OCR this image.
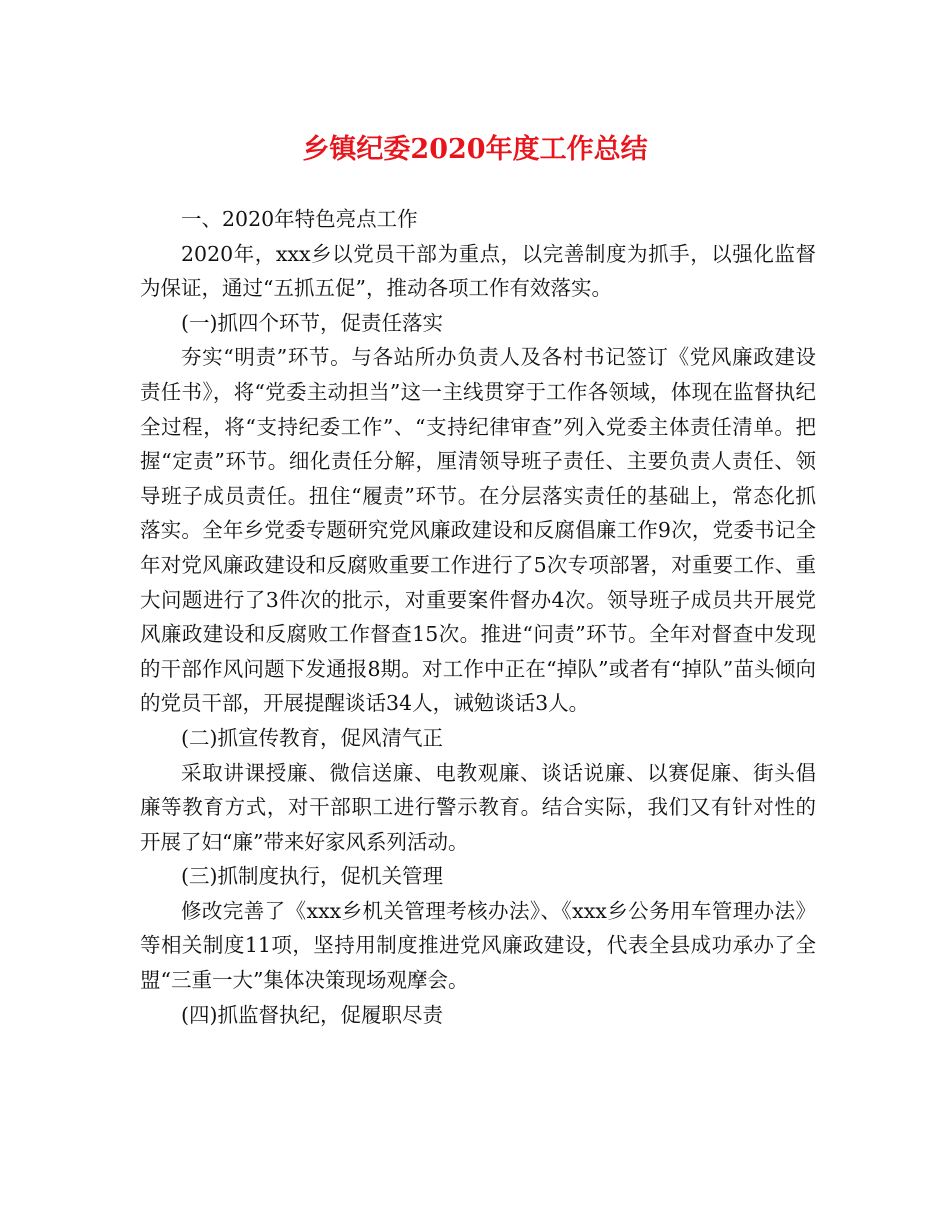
乡镇纪委2020年度工作总结

一、2020年特色亮点工作

2020年，xxx乡以党员干部为重点，以完善制度为抓手，以强化监督为保证，通过“五抓五促”，推动各项工作有效落实。

(一)抓四个环节，促责任落实

夯实“明责”环节。与各站所办负责人及各村书记签订《党风廉政建设责任书》，将“党委主动担当”这一主线贯穿于工作各领域，体现在监督执纪全过程，将“支持纪委工作”、“支持纪律审查”列入党委主体责任清单。把握“定责”环节。细化责任分解，厘清领导班子责任、主要负责人责任、领导班子成员责任。扭住“履责”环节。在分层落实责任的基础上，常态化抓落实。全年乡党委专题研究党风廉政建设和反腐倡廉工作9次，党委书记全年对党风廉政建设和反腐败重要工作进行了5次专项部署，对重要工作、重大问题进行了3件次的批示，对重要案件督办4次。领导班子成员共开展党风廉政建设和反腐败工作督查15次。推进“问责”环节。全年对督查中发现的干部作风问题下发通报8期。对工作中正在“掉队”或者有“掉队”苗头倾向的党员干部，开展提醒谈话34人，诫勉谈话3人。

(二)抓宣传教育，促风清气正

采取讲课授廉、微信送廉、电教观廉、谈话说廉、以赛促廉、街头倡廉等教育方式，对干部职工进行警示教育。结合实际，我们又有针对性的开展了妇“廉”带来好家风系列活动。

(三)抓制度执行，促机关管理

修改完善了《xxx乡机关管理考核办法》、《xxx乡公务用车管理办法》等相关制度11项，坚持用制度推进党风廉政建设，代表全县成功承办了全盟“三重一大”集体决策现场观摩会。

(四)抓监督执纪，促履职尽责
